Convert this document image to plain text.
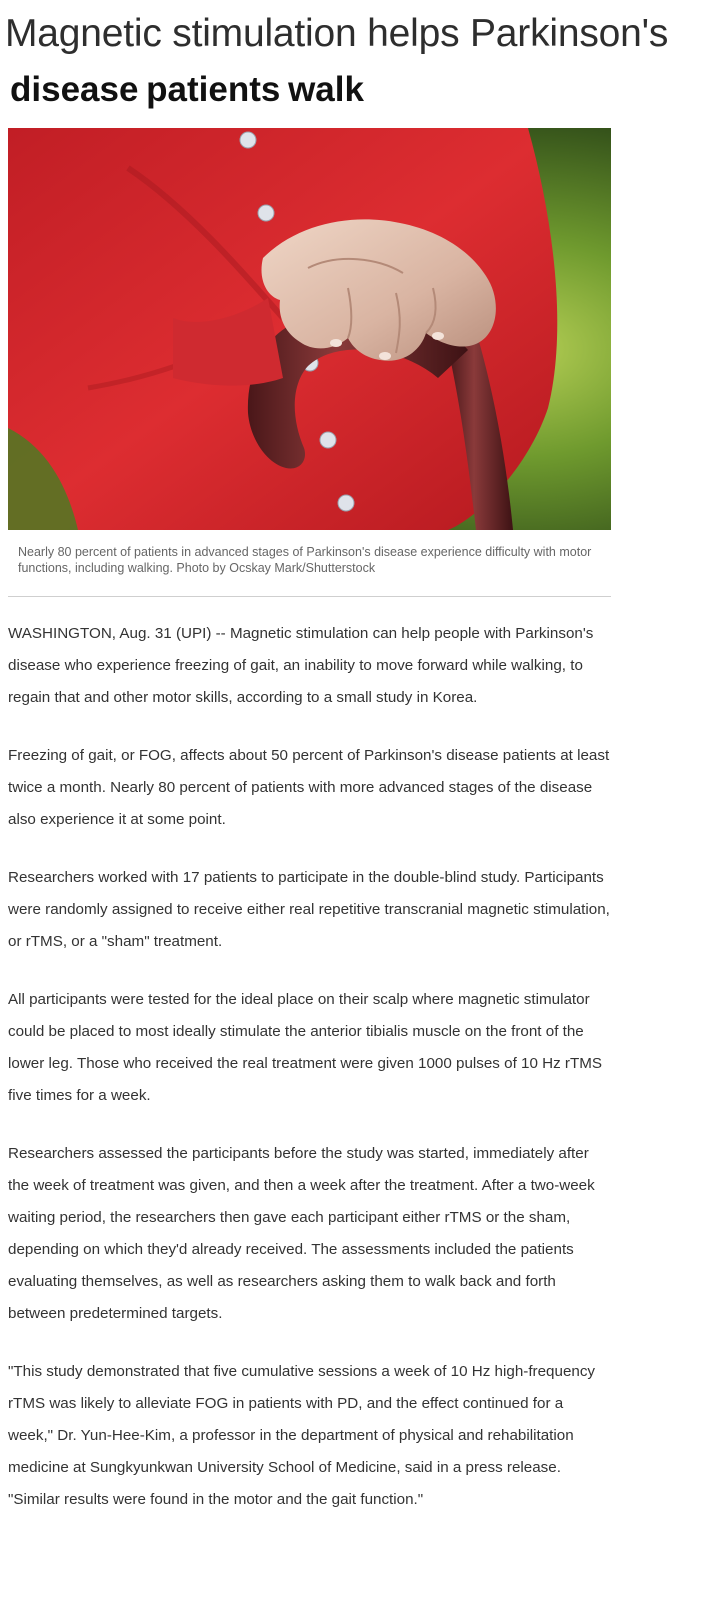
Magnetic stimulation helps Parkinson's
disease patients walk

Nearly 80 percent of patients in advanced stages of Parkinson's disease experience difficulty with motor functions, including walking. Photo by Ocskay Mark/Shutterstock

WASHINGTON, Aug. 31 (UPI) -- Magnetic stimulation can help people with Parkinson's disease who experience freezing of gait, an inability to move forward while walking, to regain that and other motor skills, according to a small study in Korea.

Freezing of gait, or FOG, affects about 50 percent of Parkinson's disease patients at least twice a month. Nearly 80 percent of patients with more advanced stages of the disease also experience it at some point.

Researchers worked with 17 patients to participate in the double-blind study. Participants were randomly assigned to receive either real repetitive transcranial magnetic stimulation, or rTMS, or a "sham" treatment.

All participants were tested for the ideal place on their scalp where magnetic stimulator could be placed to most ideally stimulate the anterior tibialis muscle on the front of the lower leg. Those who received the real treatment were given 1000 pulses of 10 Hz rTMS five times for a week.

Researchers assessed the participants before the study was started, immediately after the week of treatment was given, and then a week after the treatment. After a two-week waiting period, the researchers then gave each participant either rTMS or the sham, depending on which they'd already received. The assessments included the patients evaluating themselves, as well as researchers asking them to walk back and forth between predetermined targets.

"This study demonstrated that five cumulative sessions a week of 10 Hz high-frequency rTMS was likely to alleviate FOG in patients with PD, and the effect continued for a week," Dr. Yun-Hee-Kim, a professor in the department of physical and rehabilitation medicine at Sungkyunkwan University School of Medicine, said in a press release. "Similar results were found in the motor and the gait function."
